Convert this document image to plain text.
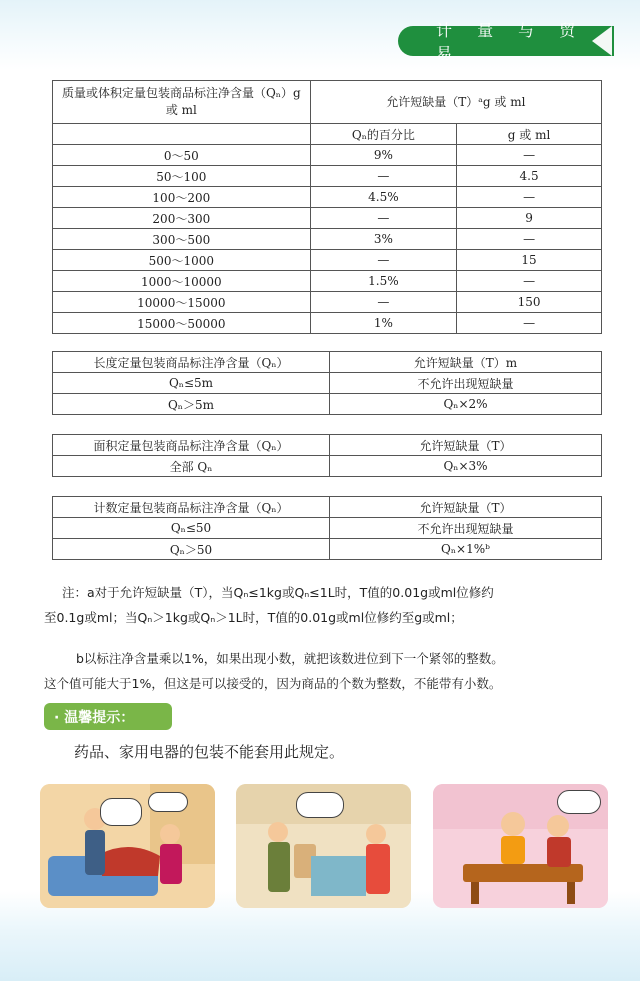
计 量 与 贸 易
质量或体积定量包装商品标注净含量（Qₙ）g 或 ml	允许短缺量（T）ᵃg 或 ml	
	Qₙ的百分比	g 或 ml
0～50	9%	—
50～100	—	4.5
100～200	4.5%	—
200～300	—	9
300～500	3%	—
500～1000	—	15
1000～10000	1.5%	—
10000～15000	—	150
15000～50000	1%	—
长度定量包装商品标注净含量（Qₙ）	允许短缺量（T）m
Qₙ≤5m	不允许出现短缺量
Qₙ＞5m	Qₙ×2%
面积定量包装商品标注净含量（Qₙ）	允许短缺量（T）
全部 Qₙ	Qₙ×3%
计数定量包装商品标注净含量（Qₙ）	允许短缺量（T）
Qₙ≤50	不允许出现短缺量
Qₙ＞50	Qₙ×1%ᵇ
注：a对于允许短缺量（T），当Qₙ≤1kg或Qₙ≤1L时，T值的0.01g或ml位修约
至0.1g或ml；当Qₙ＞1kg或Qₙ＞1L时，T值的0.01g或ml位修约至g或ml；
b以标注净含量乘以1%，如果出现小数，就把该数进位到下一个紧邻的整数。
这个值可能大于1%，但这是可以接受的，因为商品的个数为整数，不能带有小数。
· 温馨提示：
药品、家用电器的包装不能套用此规定。
